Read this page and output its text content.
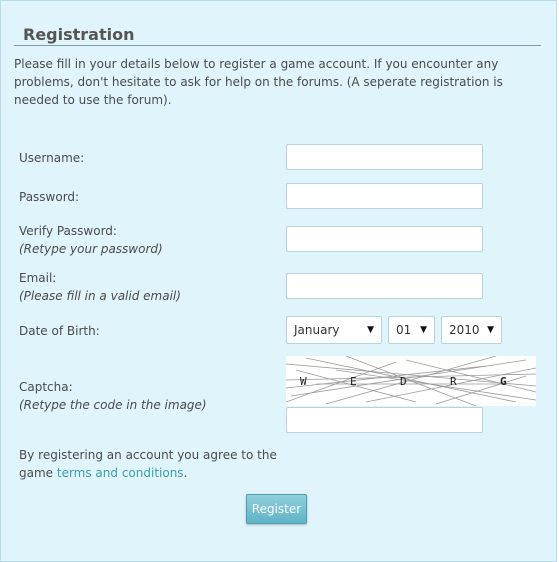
Registration
Please fill in your details below to register a game account. If you encounter any problems, don't hesitate to ask for help on the forums. (A seperate registration is needed to use the forum).
Username:
Password:
Verify Password:
(Retype your password)
Email:
(Please fill in a valid email)
Date of Birth:	January	▼	01 ▼	2010 ▼
Captcha:
(Retype the code in the image)
W	E	D	R	G
By registering an account you agree to the game terms and conditions.
Register
